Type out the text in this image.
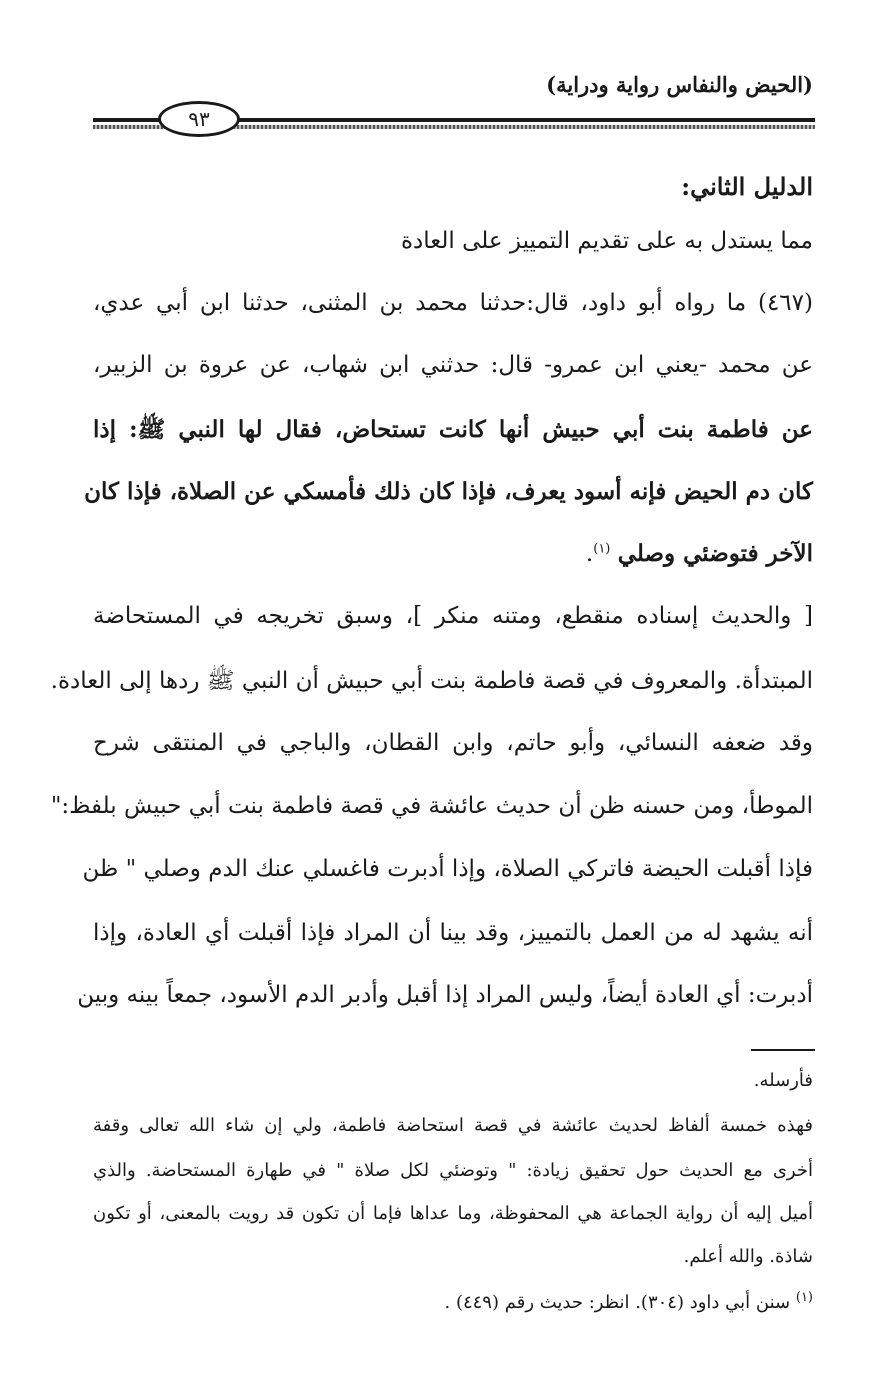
(الحيض والنفاس رواية ودراية)
٩٣
الدليل الثاني:
مما يستدل به على تقديم التمييز على العادة
(٤٦٧) ما رواه أبو داود، قال:حدثنا محمد بن المثنى، حدثنا ابن أبي عدي،
عن محمد -يعني ابن عمرو- قال: حدثني ابن شهاب، عن عروة بن الزبير،
عن فاطمة بنت أبي حبيش أنها كانت تستحاض، فقال لها النبي ﷺ: إذا
كان دم الحيض فإنه أسود يعرف، فإذا كان ذلك فأمسكي عن الصلاة، فإذا كان
الآخر فتوضئي وصلي $^{(١)}$.
[ والحديث إسناده منقطع، ومتنه منكر ]، وسبق تخريجه في المستحاضة
المبتدأة. والمعروف في قصة فاطمة بنت أبي حبيش أن النبي ﷺ ردها إلى العادة.
وقد ضعفه النسائي، وأبو حاتم، وابن القطان، والباجي في المنتقى شرح
الموطأ، ومن حسنه ظن أن حديث عائشة في قصة فاطمة بنت أبي حبيش بلفظ:"
فإذا أقبلت الحيضة فاتركي الصلاة، وإذا أدبرت فاغسلي عنك الدم وصلي " ظن
أنه يشهد له من العمل بالتمييز، وقد بينا أن المراد فإذا أقبلت أي العادة، وإذا
أدبرت: أي العادة أيضاً، وليس المراد إذا أقبل وأدبر الدم الأسود، جمعاً بينه وبين
فأرسله.
فهذه خمسة ألفاظ لحديث عائشة في قصة استحاضة فاطمة، ولي إن شاء الله تعالى وقفة
أخرى مع الحديث حول تحقيق زيادة: " وتوضئي لكل صلاة " في طهارة المستحاضة. والذي
أميل إليه أن رواية الجماعة هي المحفوظة، وما عداها فإما أن تكون قد رويت بالمعنى، أو تكون
شاذة. والله أعلم.
$^{(١)}$ سنن أبي داود (٣٠٤). انظر: حديث رقم (٤٤٩) .
